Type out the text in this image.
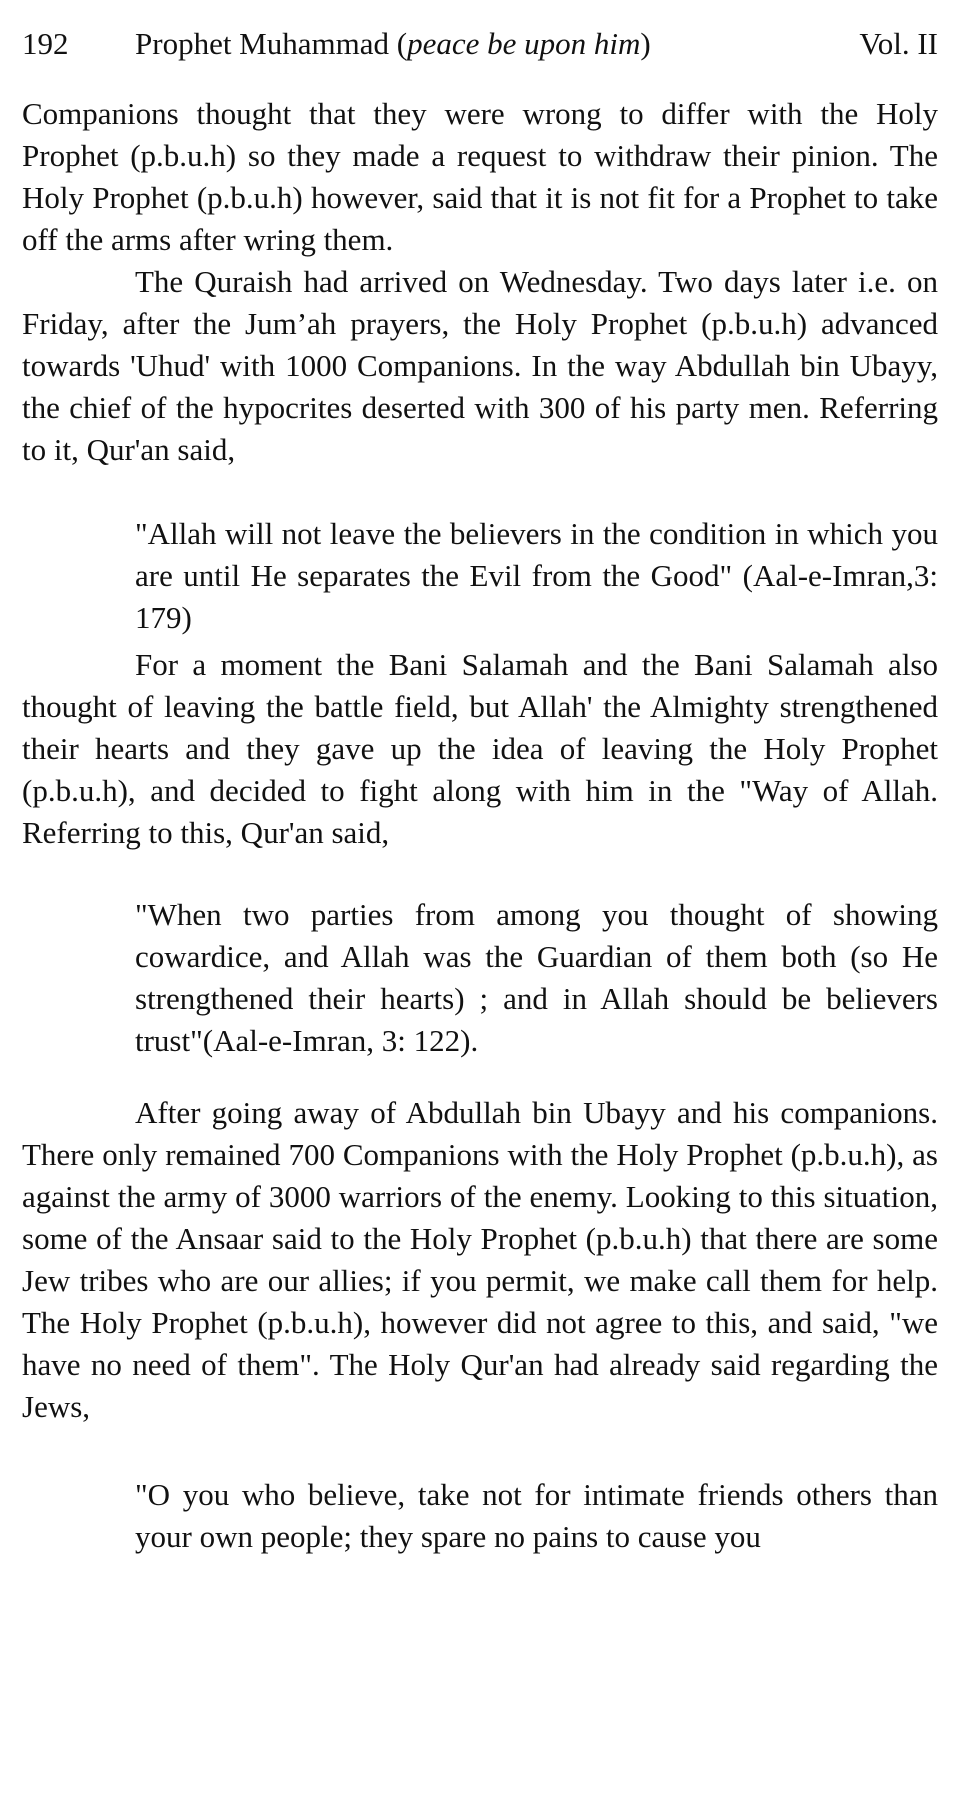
192 Prophet Muhammad (peace be upon him)	Vol. II

Companions thought that they were wrong to differ with the Holy Prophet (p.b.u.h) so they made a request to withdraw their pinion. The Holy Prophet (p.b.u.h) however, said that it is not fit for a Prophet to take off the arms after wring them.

The Quraish had arrived on Wednesday. Two days later i.e. on Friday, after the Jum’ah prayers, the Holy Prophet (p.b.u.h) advanced towards 'Uhud' with 1000 Companions. In the way Abdullah bin Ubayy, the chief of the hypocrites deserted with 300 of his party men. Referring to it, Qur'an said,

"Allah will not leave the believers in the condition in which you are until He separates the Evil from the Good" (Aal-e-Imran,3: 179)

For a moment the Bani Salamah and the Bani Salamah also thought of leaving the battle field, but Allah' the Almighty strengthened their hearts and they gave up the idea of leaving the Holy Prophet (p.b.u.h), and decided to fight along with him in the "Way of Allah. Referring to this, Qur'an said,

"When two parties from among you thought of showing cowardice, and Allah was the Guardian of them both (so He strengthened their hearts) ; and in Allah should be believers trust"(Aal-e-Imran, 3: 122).

After going away of Abdullah bin Ubayy and his companions. There only remained 700 Companions with the Holy Prophet (p.b.u.h), as against the army of 3000 warriors of the enemy. Looking to this situation, some of the Ansaar said to the Holy Prophet (p.b.u.h) that there are some Jew tribes who are our allies; if you permit, we make call them for help. The Holy Prophet (p.b.u.h), however did not agree to this, and said, "we have no need of them". The Holy Qur'an had already said regarding the Jews,

"O you who believe, take not for intimate friends others than your own people; they spare no pains to cause you
